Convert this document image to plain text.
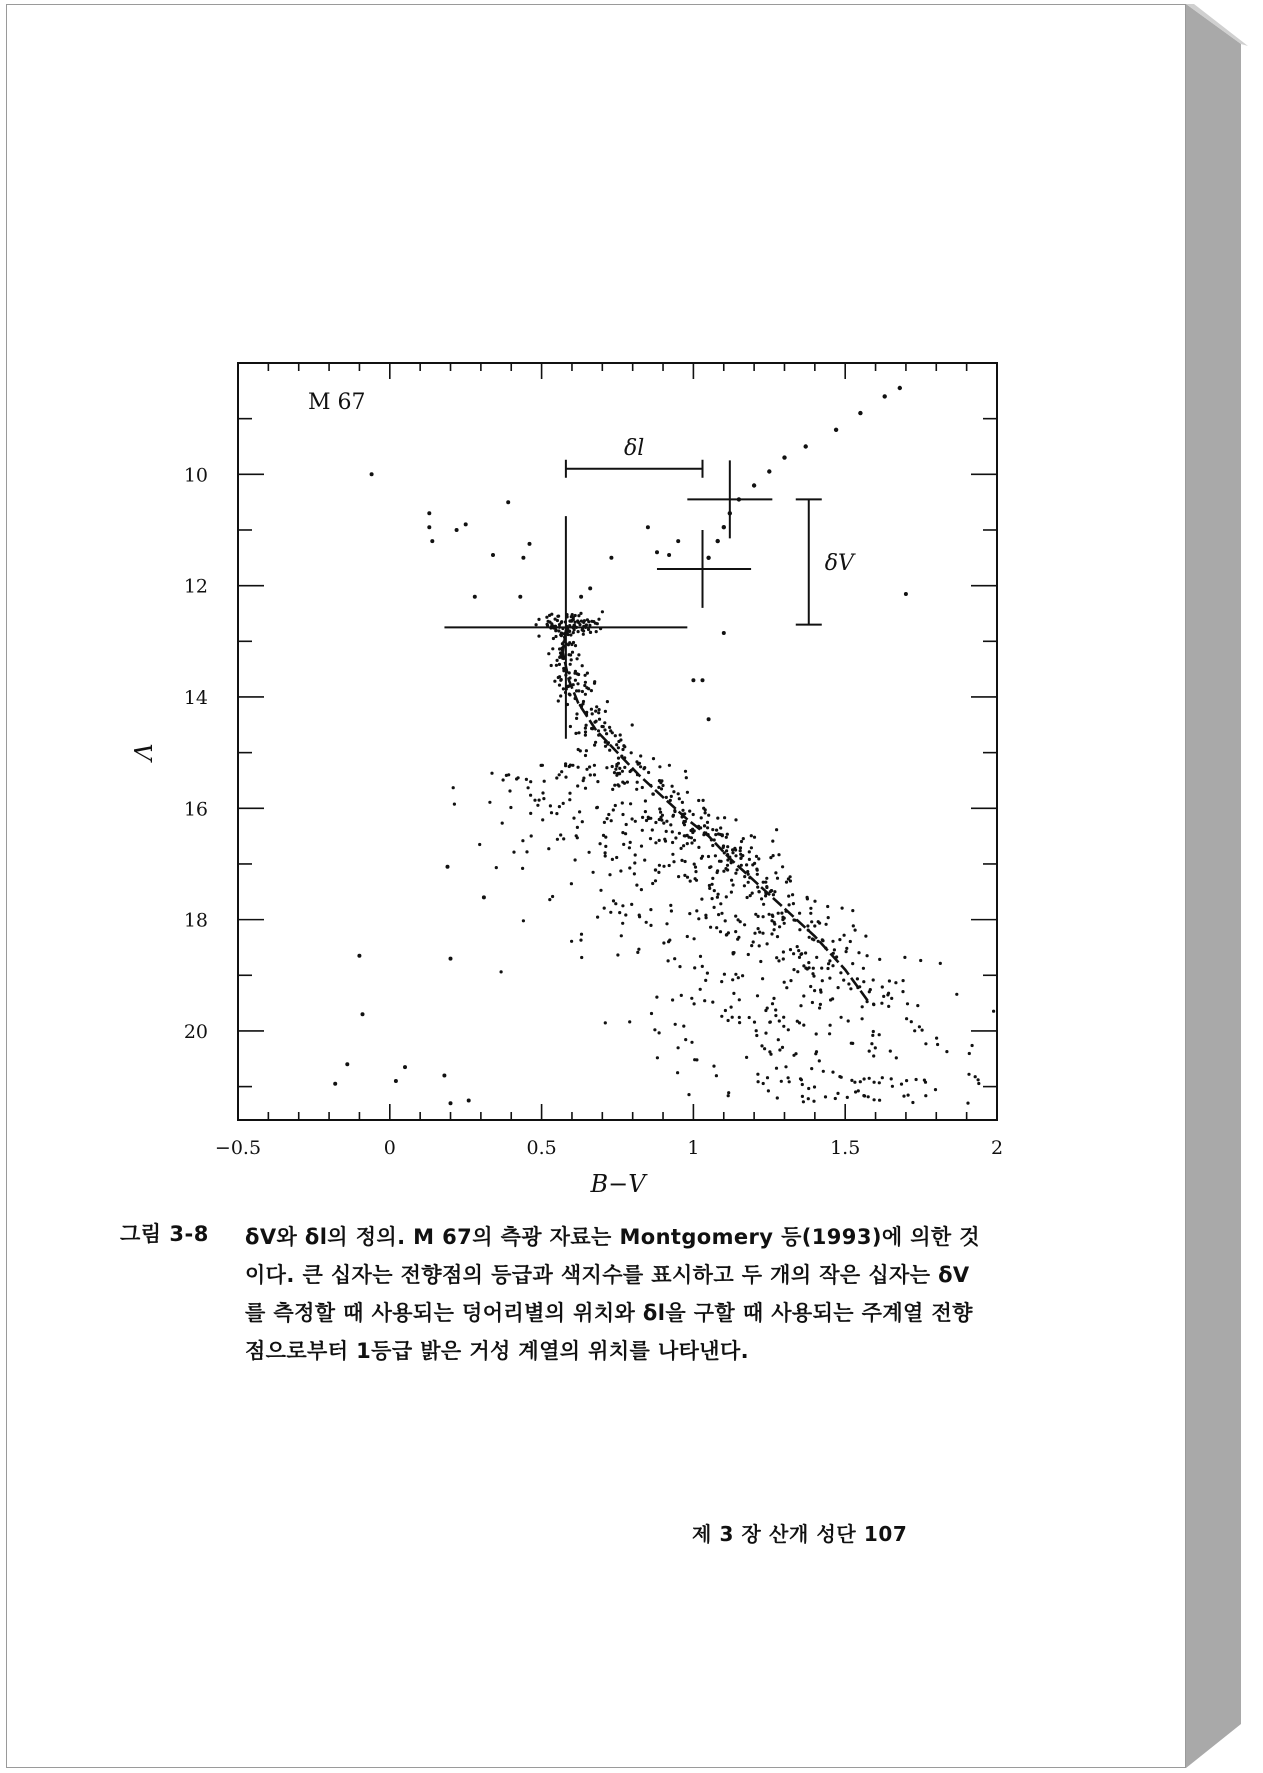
−0.5	0	0.5	1	1.5	2
10
12
14
16
18
20
δl
δV
M 67
B−V
V
그림 3-8 δV와 δl의 정의. M 67의 측광 자료는 Montgomery 등(1993)에 의한 것이다. 큰 십자는 전향점의 등급과 색지수를 표시하고 두 개의 작은 십자는 δV를 측정할 때 사용되는 덩어리별의 위치와 δl을 구할 때 사용되는 주계열 전향점으로부터 1등급 밝은 거성 계열의 위치를 나타낸다.
제 3 장 산개 성단 107
